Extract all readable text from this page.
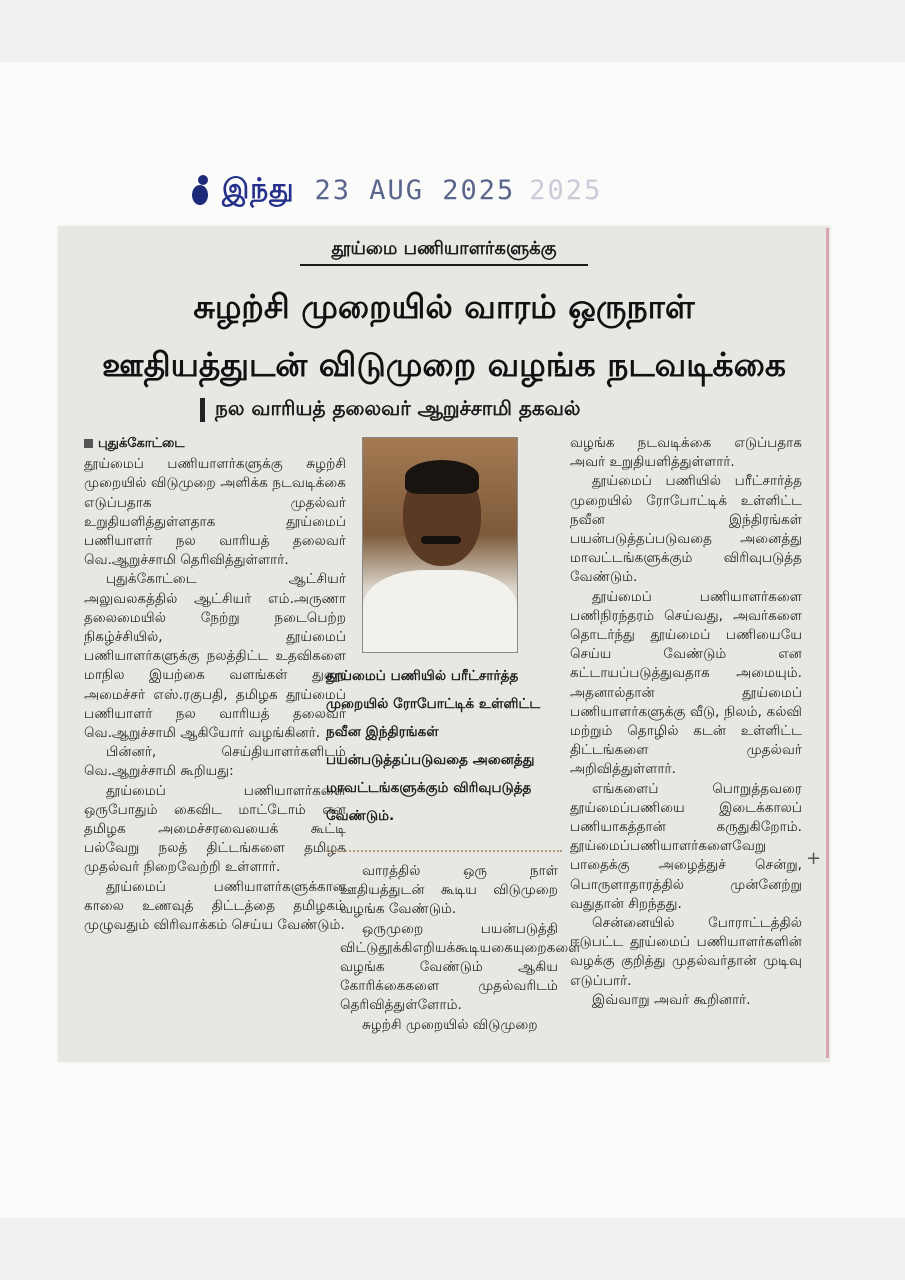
இந்து 23 AUG 2025 2025
தூய்மை பணியாளர்களுக்கு
சுழற்சி முறையில் வாரம் ஒருநாள்
ஊதியத்துடன் விடுமுறை வழங்க நடவடிக்கை
நல வாரியத் தலைவர் ஆறுச்சாமி தகவல்
புதுக்கோட்டை

தூய்மைப் பணியாளர்களுக்கு சுழற்சி முறையில் விடுமுறை அளிக்க நடவடிக்கை எடுப்பதாக முதல்வர் உறுதியளித்துள்ளதாக தூய்மைப் பணியாளர் நல வாரியத் தலைவர் வெ.ஆறுச்சாமி தெரிவித்துள்ளார்.

புதுக்கோட்டை ஆட்சியர் அலுவலகத்தில் ஆட்சியர் எம்.அருணா தலைமையில் நேற்று நடைபெற்ற நிகழ்ச்சியில், தூய்மைப் பணியாளர்களுக்கு நலத்திட்ட உதவிகளை மாநில இயற்கை வளங்கள் துறை அமைச்சர் எஸ்.ரகுபதி, தமிழக தூய்மைப் பணியாளர் நல வாரியத் தலைவர் வெ.ஆறுச்சாமி ஆகியோர் வழங்கினர்.

பின்னர், செய்தியாளர்களிடம் வெ.ஆறுச்சாமி கூறியது:

தூய்மைப் பணியாளர்களை ஒருபோதும் கைவிட மாட்டோம் என தமிழக அமைச்சரவையைக் கூட்டி பல்வேறு நலத் திட்டங்களை தமிழக முதல்வர் நிறைவேற்றி உள்ளார்.

தூய்மைப் பணியாளர்களுக்கான காலை உணவுத் திட்டத்தை தமிழகம் முழுவதும் விரிவாக்கம் செய்ய வேண்டும்.

தூய்மைப் பணியில் பரீட்சார்த்த முறையில் ரோபோட்டிக் உள்ளிட்ட நவீன இந்திரங்கள் பயன்படுத்தப்படுவதை அனைத்து மாவட்டங்களுக்கும் விரிவுபடுத்த வேண்டும்.

வாரத்தில் ஒரு நாள் ஊதியத்துடன் கூடிய விடுமுறை வழங்க வேண்டும்.

ஒருமுறை பயன்படுத்தி விட்டுதூக்கிஎறியக்கூடியகையுறைகளை வழங்க வேண்டும் ஆகிய கோரிக்கைகளை முதல்வரிடம் தெரிவித்துள்ளோம்.

சுழற்சி முறையில் விடுமுறை

வழங்க நடவடிக்கை எடுப்பதாக அவர் உறுதியளித்துள்ளார்.

தூய்மைப் பணியில் பரீட்சார்த்த முறையில் ரோபோட்டிக் உள்ளிட்ட நவீன இந்திரங்கள் பயன்படுத்தப்படுவதை அனைத்து மாவட்டங்களுக்கும் விரிவுபடுத்த வேண்டும்.

தூய்மைப் பணியாளர்களை பணிநிரந்தரம் செய்வது, அவர்களை தொடர்ந்து தூய்மைப் பணியையே செய்ய வேண்டும் என கட்டாயப்படுத்துவதாக அமையும். அதனால்தான் தூய்மைப் பணியாளர்களுக்கு வீடு, நிலம், கல்வி மற்றும் தொழில் கடன் உள்ளிட்ட திட்டங்களை முதல்வர் அறிவித்துள்ளார்.

எங்களைப் பொறுத்தவரை தூய்மைப்பணியை இடைக்காலப் பணியாகத்தான் கருதுகிறோம். தூய்மைப்பணியாளர்களைவேறு பாதைக்கு அழைத்துச் சென்று, பொருளாதாரத்தில் முன்னேற்று வதுதான் சிறந்தது.

சென்னையில் போராட்டத்தில் ஈடுபட்ட தூய்மைப் பணியாளர்களின் வழக்கு குறித்து முதல்வர்தான் முடிவு எடுப்பார்.

இவ்வாறு அவர் கூறினார்.

+
